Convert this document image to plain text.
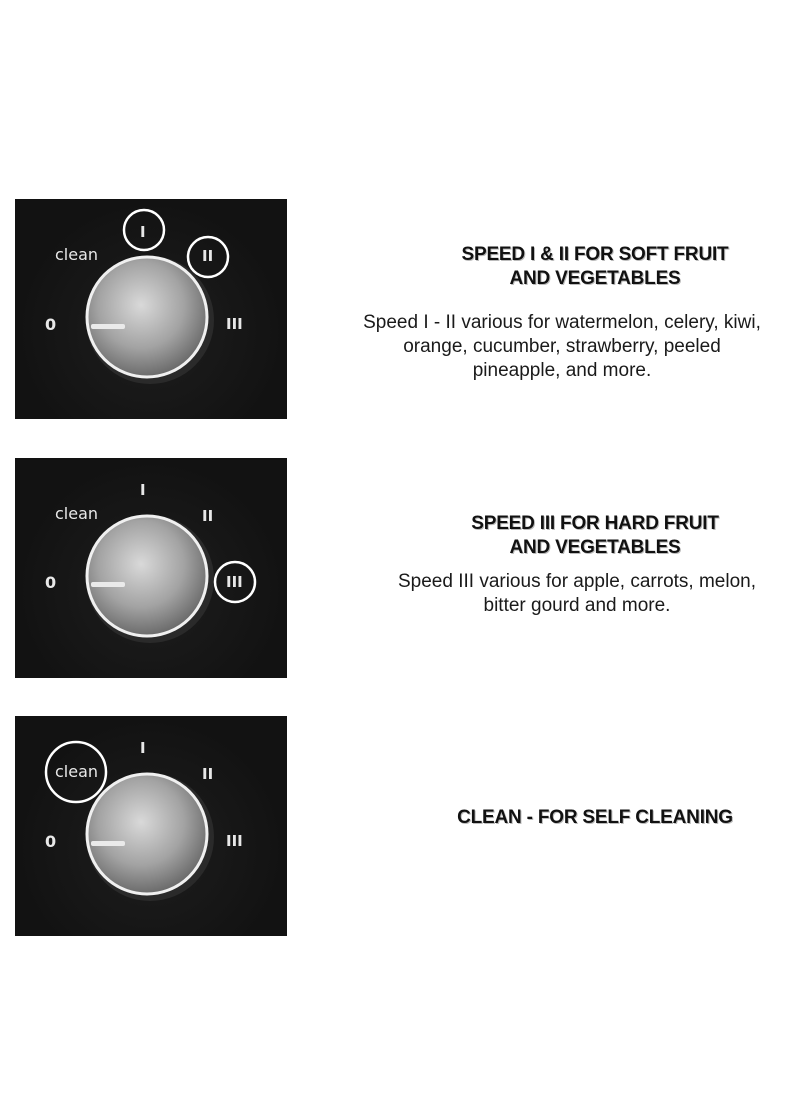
clean
0
I
II
III
SPEED I & II FOR SOFT FRUIT
AND VEGETABLES
Speed I - II various for watermelon, celery, kiwi,
orange, cucumber, strawberry, peeled
pineapple, and more.
clean
0
I
II
III
SPEED III FOR HARD FRUIT
AND VEGETABLES
Speed III various for apple, carrots, melon,
bitter gourd and more.
clean
0
I
II
III
CLEAN - FOR SELF CLEANING
